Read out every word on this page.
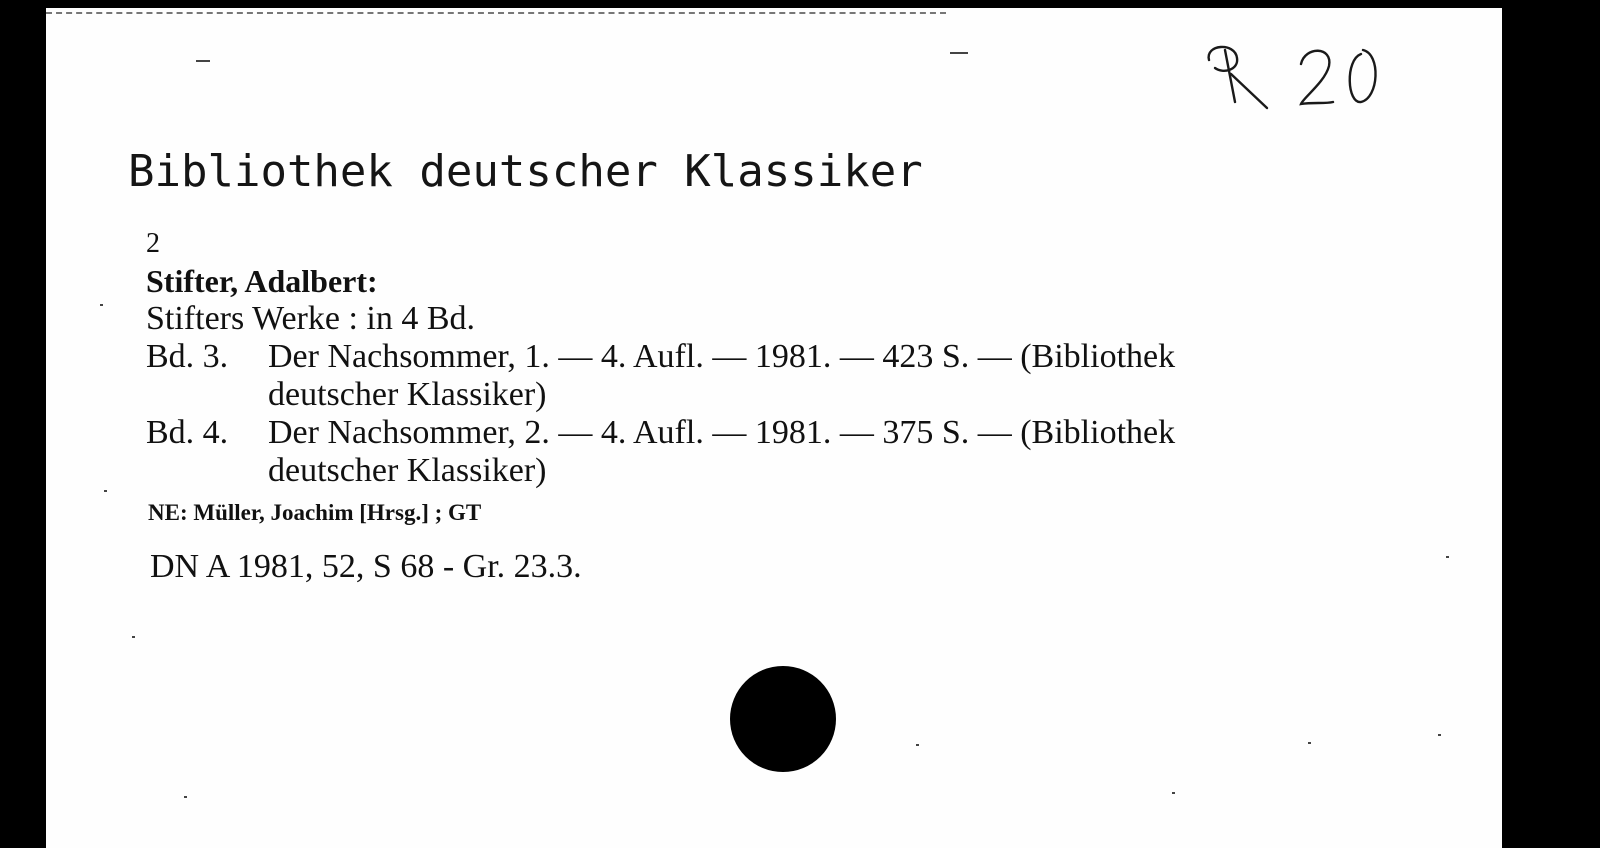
Bibliothek deutscher Klassiker
2
Stifter, Adalbert:
Stifters Werke : in 4 Bd.
Bd. 3.	Der Nachsommer, 1. — 4. Aufl. — 1981. — 423 S. — (Bibliothek
deutscher Klassiker)
Bd. 4.	Der Nachsommer, 2. — 4. Aufl. — 1981. — 375 S. — (Bibliothek
deutscher Klassiker)
NE: Müller, Joachim [Hrsg.] ; GT
DN A 1981, 52, S 68 - Gr. 23.3.
